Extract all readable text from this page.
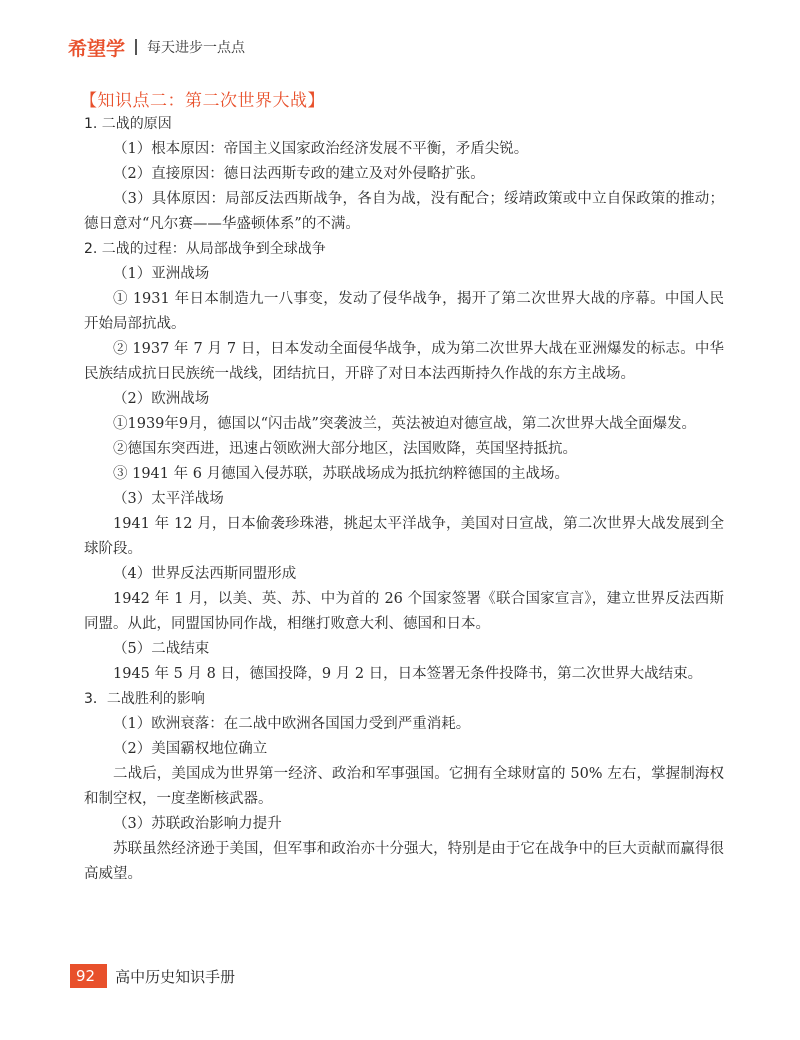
希望学 每天进步一点点
【知识点二：第二次世界大战】

1. 二战的原因

（1）根本原因：帝国主义国家政治经济发展不平衡，矛盾尖锐。

（2）直接原因：德日法西斯专政的建立及对外侵略扩张。

（3）具体原因：局部反法西斯战争，各自为战，没有配合；绥靖政策或中立自保政策的推动；德日意对“凡尔赛——华盛顿体系”的不满。

2. 二战的过程：从局部战争到全球战争

（1）亚洲战场

① 1931 年日本制造九一八事变，发动了侵华战争，揭开了第二次世界大战的序幕。中国人民开始局部抗战。

② 1937 年 7 月 7 日，日本发动全面侵华战争，成为第二次世界大战在亚洲爆发的标志。中华民族结成抗日民族统一战线，团结抗日，开辟了对日本法西斯持久作战的东方主战场。

（2）欧洲战场

①1939年9月，德国以“闪击战”突袭波兰，英法被迫对德宣战，第二次世界大战全面爆发。

②德国东突西进，迅速占领欧洲大部分地区，法国败降，英国坚持抵抗。

③ 1941 年 6 月德国入侵苏联，苏联战场成为抵抗纳粹德国的主战场。

（3）太平洋战场

1941 年 12 月，日本偷袭珍珠港，挑起太平洋战争，美国对日宣战，第二次世界大战发展到全球阶段。

（4）世界反法西斯同盟形成

1942 年 1 月，以美、英、苏、中为首的 26 个国家签署《联合国家宣言》，建立世界反法西斯同盟。从此，同盟国协同作战，相继打败意大利、德国和日本。

（5）二战结束

1945 年 5 月 8 日，德国投降，9 月 2 日，日本签署无条件投降书，第二次世界大战结束。

3．二战胜利的影响

（1）欧洲衰落：在二战中欧洲各国国力受到严重消耗。

（2）美国霸权地位确立

二战后，美国成为世界第一经济、政治和军事强国。它拥有全球财富的 50% 左右，掌握制海权和制空权，一度垄断核武器。

（3）苏联政治影响力提升

苏联虽然经济逊于美国，但军事和政治亦十分强大，特别是由于它在战争中的巨大贡献而赢得很高威望。

92	高中历史知识手册
